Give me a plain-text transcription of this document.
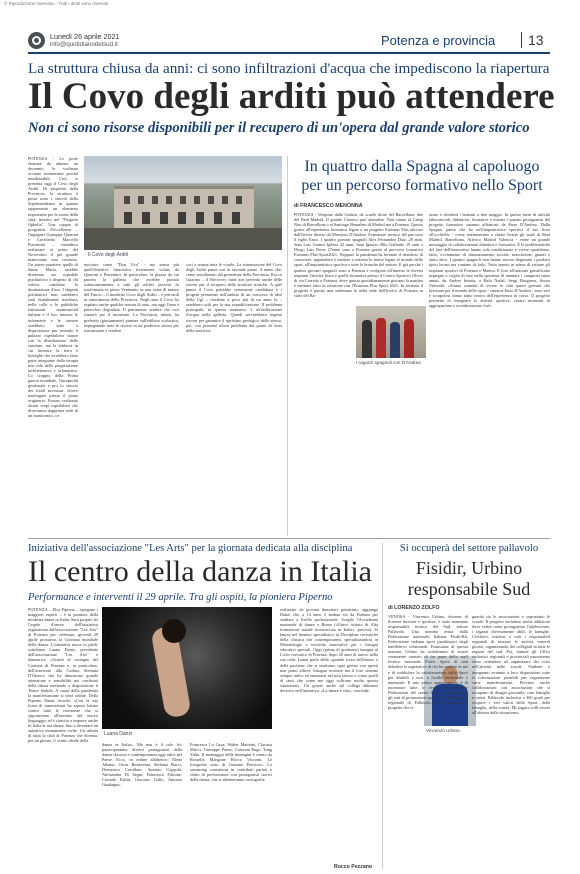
© Riproduzione riservata – Tutti i diritti sono riservati
Lunedì 26 aprile 2021
info@quotidianodelsud.it	Potenza e provincia 13
La struttura chiusa da anni: ci sono infiltrazioni d'acqua che impediscono la riapertura
Il Covo degli arditi può attendere
Non ci sono risorse disponibili per il recupero di un'opera dal grande valore storico
POTENZA - Le porte sbarrate da almeno un decennio, le scalinate accanto transennate perché inutilizzabili. Così si presenta oggi il Covo degli Arditi. Di proprietà della Provincia, la struttura è posta sotto i vincoli della Soprintendenza in quanto rappresenta un elemento importante per la storia della città, inserito nel "Progetto Ophelia". Una coppia di progettisti d'eccellenza – l'ingegner Giuseppe Quaroni e l'architetto Marcello Piacentini – intendeva realizzare ai primi del Novecento il più grande manicomio mai costruito. Un intero quartiere, quello di Santa Maria, sarebbe diventato un ospedale psichiatrico a dispetto di chi voleva cambiare la destinazione d'uso. I degenti psichiatrici non sarebbero stati brutalmente rinchiusi, nelle celle o le pubbliche istituzioni manicomiali italiane e il loro interno; le infermerie e le camere sarebbero state a disposizione pur essendo il palazzo ospedaliero stanze con la distribuzione delle strutture, ma la fabbrica in cui lavorare la terra e botteghe che avrebbero fatto parte integrante della terapia non solo della progettazione architettonica e urbanistica. Lo scoppio della Prima guerra mondiale, l'incapacità gestionale e poi lo sfascio dei fondi necessari, fecero naufragare presto il piano originario. Furono realizzati alcuni corpi ospedalieri che diverranno dapprima sede di un manicomio, co-
Il Covo degli Arditi
nosciuto come "Don Uva" - ma senza più quell'obiettivo futuristico fortemente voluto da Quaroni e Piacentini. In particolare, la piazza da cui partiva la galleria che avrebbe portato sotterraneamente a tutti gli edifici previsti fu trasformata in pieno Ventennio in una sorta di museo del Fascio – il moderno Covo degli Arditi – e più tardi in autorimessa della Provincia. Negli anni il Covo ha ospitato anche qualche mostra di auto, ma oggi l'area è parecchio degradata. Il patrimonio sembra che così rimarrà per il momento. La Provincia, infatti, ha preferito (giustamente) puntare sull'edilizia scolastica, impegnando tutte le risorse in un poderoso sforzo per ristrutturare e rendere
così a norma tutte le scuole. La sistemazione del Covo degli Arditi passa così in secondo piano. A meno che, come sottolineato dal presidente della Provincia, Rocco Guarino – il Recovery fund non preveda anche delle risorse per il recupero delle strutture storiche. A quel punto il Covo potrebbe certamente candidarsi e i progetti presentati nell'ambito di un concorso di idee della Ugl – risalente a poco più di un anno fa – sarebbero utili per la sua riqualificazione. Il problema principale, in questo momento, è un'infiltrazione d'acqua nella galleria. Quindi servirebbero ingenti risorse per garantire il ripristino geologico dello stesso, poi, con presente alcun problema dal punto di vista della statistica.
In quattro dalla Spagna al capoluogo per un percorso formativo nello Sport
di FRANCESCO MENONNA
POTENZA - Vengono dalla Galizia, da scuole tifose del Barcellona, due del Real Madrid. Il grande Classico può attendere. Non siamo al Camp Nou di Barcellona o al Santiago Bernabeu di Madrid ma a Potenza. Questo grazie all'esperienza formativa legata a un progetto Erasmus Plus attivato dall'Irrefor diretto da Massimo D'Andrea. Formatore tecnico del percorso il figlio Enzo. I quattro giovani spagnoli Alex Fernandez Diaz, 28 anni, Jean Luis Gomez Iglesia 32 anni, Juan Ignacio Rilo Gallardo 19 anni e Diego Luis Perez 27enne sono a Potenza grazie al percorso formativo Erasmus Plus-Sport2021. Neppure la pandemia ha fermato il desiderio di conoscere, apprendere e mettere a sistema le intese legate al mondo dello sport, all'impiantistica sportiva e tutte le branche del settore. E già perché i quattro giovani spagnoli sono a Potenza e svolgono all'interno di diversi impianti l'attività fisica e quella formativa presso il Centro Sportivo Oliver di via Cerretta a Potenza, dove questa quotidianamente giocano la mattina e mettono tutto in relazione con l'Erasmus Plus Sport 2021. In seratura il progetto è partito una settimana fa nella sede dell'Irrefor di Potenza in viale del Ba-
I ragazzi spagnoli con D'Andrea
sento e chiuderà i battenti a fine maggio. In questo mese di attività laboratoriali, didattiche, formative e esterne i quattro protagonisti del progetto formativo saranno affiancati da Enzo D'Andrea. Dalla Spagna, paese che ha nell'impiantistica sportiva il suo fiore all'occhiello - come testimoniano a chiare lettere gli stadi di Real Madrid, Barcellona, Atletico Madrid Valencia - viene un grande messaggio di collaborazione didattica e formativa. E le problematiche del fare dell'innovativa hanno sole condizionato e vivere quotidiano, fatto, ovviamente di distanziamento sociale, mascherine, guanti e tanto altro. I quattro spagnoli non hanno ancora degustato i prodotti tipici lucani ma contano di farlo. Tutto questo in attesa di visitare gli impianti sportivi di Potenza e Matera. E loro all'unisono giustificano impegno e voglia di fare nella speranza di emulare i campioni tanto amati, da Andres Iniesta, a Rafa Nadal, Sergi Bruguera, finora Valverde. «Siamo contenti di vivere in città questi giovani che lavorano per il mondo dello sport - rimarca Enzo D'Andrea - sono seri e scrupolosi fanno tanto tesoro dell'esperienza in corso. Il progetto permette di insegnare le attività sportive, creare momenti di aggregazione e socializzazione forti.
Iniziativa dell'associazione "Les Arts" per la giornata dedicata alla disciplina
Il centro della danza in Italia
Performance e interventi il 29 aprile. Tra gli ospiti, la pioniera Piperno
POTENZA – Elsa Piperno – spiegano i maggiori esperti – è la pioniera della moderna danza in Italia. Sarà proprio lei l'ospite d'onore dell'iniziativa organizzata dall'associazione "Les Arts" di Potenza per celebrare, giovedì 29 aprile prossimo, la Giornata mondiale della danza. L'iniziativa nasce in piedi, sottolinea Luana Danzi, presidente dell'associazione "Les Arts" e danzatrice. «Grazie al sostegno del Comune di Potenza e, in particolare, dell'assessore alla Cultura Stefania D'Ottavio che ha dimostrato grande attenzione e sensibilità nei confronti della danza mettendo a disposizione il Teatro Stabile. A causa della pandemia la manifestazione si terrà online. Della Piperno Danzi ricorda: «Con la sua forza di innovazione ha saputo lottare contro tutte le resistenze che si opponevano all'avvento del nuovo linguaggio ed è riuscita a imporre anche in Italia la sua danza, fino a diventare un autentico monumento civile. Un tributo di tutta la città di Potenza che diventa, per un giorno, il centro ideale della
Luana Danzi
danza in Italia». Ma non è il solo lei: parteciperanno diversi protagonisti della danza classica e contemporanea oggi attivi nel Paese. Ecco, in ordine alfabetico: Elena Albano, Oscar Bonavenra, Stefania Bucci, Domenico Cavallaro, Antonio Coppola, Alessandra Di Segni, Francesca Falcone, Corrado Falsin, Giacomo Gallo, Antonio Guadagno,
Francesca La Cava, Walter Matteini, Clarissa Mucci, Giuseppe Punzo, Caterina Rago, Yang Yulin. Il montaggio delle immagini è curato da Rossella Mangone Rocco Viscomi. Le fotografie sono di Gaetano Percuoco. Lo streaming consisterrà in contributi parlati o video di performance con protagonisti storici della danza, che si alterneranno coreografie
realizzate da giovani danzatori potentini», aggiunge Danzi che, a 14 anni, è andata via da Potenza per studiare a livello professionale. Sceglie l'Accademia nazionale di danza a Roma («Unico istituto di Alta formazione statale riconosciuto in Italia», precisa). Si laurea nel biennio specialistico in Discipline coreutiche della classica che contemporanea, specializzandosi in Metodologie e tecniche innovative per i bisogni educativi speciali. Oggi (prima di graduarsi) insegna al Liceo coreutico di Potenza, dopo 20 anni di nuovo nella sua città. Luana parla della «grande forza dell'amore e della passione che si sentivano ogni giorno con questi non primi allievi: bisogna resistere ma il loro sistema sempre attivo ed entusiasti nel mio lavoro e come quelli di tanti che come me oggi soffrono molto questa situazione». Un grazie anche sul collega abbiamo decisivo nell'iniziativa. «La danza è vita», conclude.
Rocco Pezzano
Si occuperà del settore pallavolo
Fisidir, Urbino responsabile Sud
di LORENZO ZOLFO
Vincenzo Urbino
VENOSA - Vincenzo Urbino, docente di Scienze motorie e sportive, è stato nominato responsabile tecnico del Sud, settore Pallavolo. Una nomina avuta dalla Federazione nazionale Italiana Fisdir-Rh, Federazione italiana sport paralimpici degli intellettivo relazionali. Entusiasta di questa nomina, Urbino ha sottolineato di essere veramente onorato di far parte dello staff tecnico nazionale Fisdir. Spero di non deludere le aspettative di chi ha creduto in me e di soddisfare la valorizzazione dello Sport per disabili e non, a livello territoriale e nazionale. Il mio primo appuntamento è di incontrare tutte le realtà che presente Federazioni del centro Sud, le associazioni, gli enti di promozione sportiva la Federazione regionale di Pallavolo, per presentare il progetto che ri-
guarda sia le associazioni e soprattutto le scuole. Il progetto includere anche addizioni dove vedrà come protagonista l'adolescente, i ragazzi diversamente abili, le famiglie. Cercherò, insieme a tutti i responsabili regionali di iniziare le attività venerdi giorno, organizzando dei collegiali in tutte le regioni del sud. Poi, tramite gli Uffici scolastici regionali e provinciali passerremo verso settembre ad organizzare dei corsi nell'attività nelle scuole. Studenti e insegnanti avranno a loro disposizioni tutte le informazioni possibili per organizzare varie manifestazioni. Prevista anche collaborazioni con associazioni che si occupano di disagio giovanile, case famiglie e centri. Pallavolo inclusiva a 360 gradi per scoprire i veri valori dello Sport, della famiglia, della scuola. Mi auguro rolli essere all'altezza della situazione».
